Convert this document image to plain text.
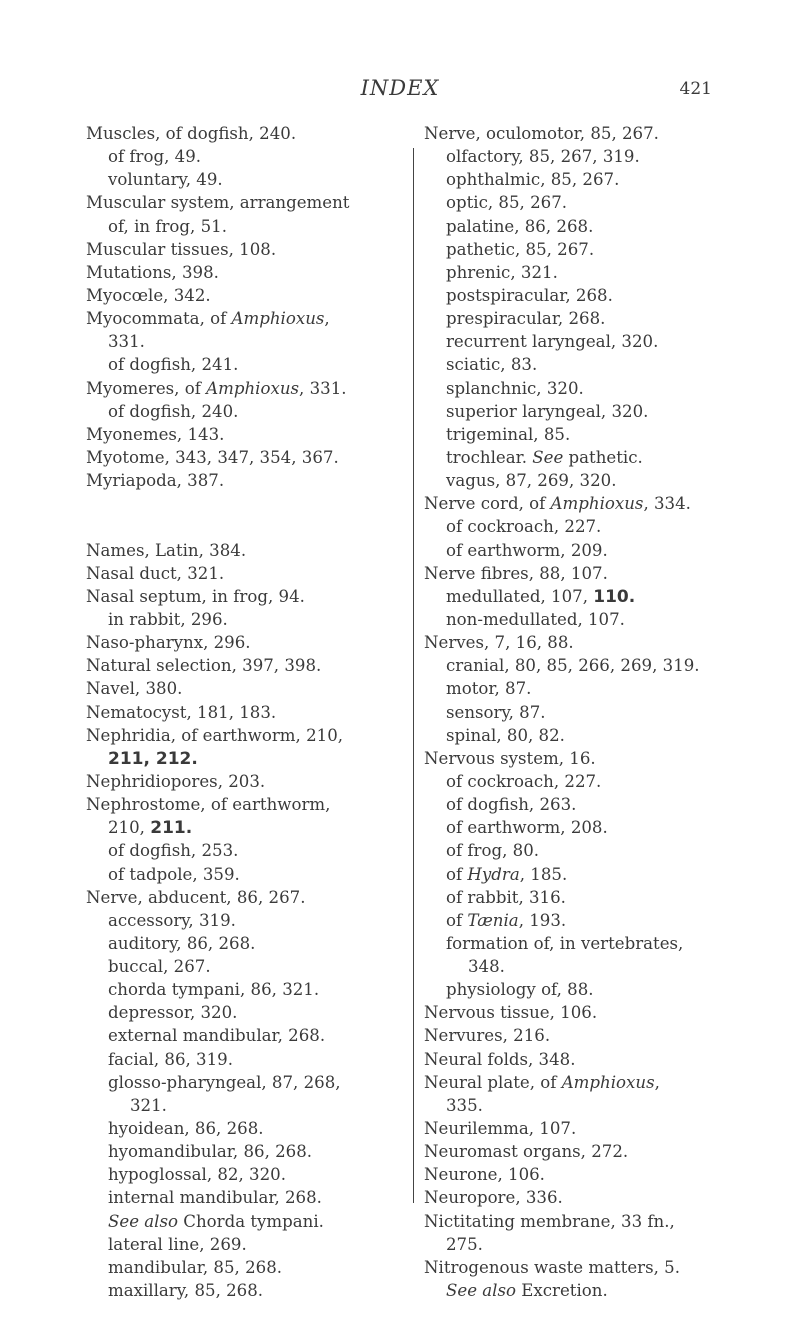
INDEX	421
Muscles, of dogfish, 240.
of frog, 49.
voluntary, 49.
Muscular system, arrangement
of, in frog, 51.
Muscular tissues, 108.
Mutations, 398.
Myocœle, 342.
Myocommata, of Amphioxus,
331.
of dogfish, 241.
Myomeres, of Amphioxus, 331.
of dogfish, 240.
Myonemes, 143.
Myotome, 343, 347, 354, 367.
Myriapoda, 387.
Names, Latin, 384.
Nasal duct, 321.
Nasal septum, in frog, 94.
in rabbit, 296.
Naso-pharynx, 296.
Natural selection, 397, 398.
Navel, 380.
Nematocyst, 181, 183.
Nephridia, of earthworm, 210,
211, 212.
Nephridiopores, 203.
Nephrostome, of earthworm,
210, 211.
of dogfish, 253.
of tadpole, 359.
Nerve, abducent, 86, 267.
accessory, 319.
auditory, 86, 268.
buccal, 267.
chorda tympani, 86, 321.
depressor, 320.
external mandibular, 268.
facial, 86, 319.
glosso-pharyngeal, 87, 268,
321.
hyoidean, 86, 268.
hyomandibular, 86, 268.
hypoglossal, 82, 320.
internal mandibular, 268.
See also Chorda tympani.
lateral line, 269.
mandibular, 85, 268.
maxillary, 85, 268.
Nerve, oculomotor, 85, 267.
olfactory, 85, 267, 319.
ophthalmic, 85, 267.
optic, 85, 267.
palatine, 86, 268.
pathetic, 85, 267.
phrenic, 321.
postspiracular, 268.
prespiracular, 268.
recurrent laryngeal, 320.
sciatic, 83.
splanchnic, 320.
superior laryngeal, 320.
trigeminal, 85.
trochlear. See pathetic.
vagus, 87, 269, 320.
Nerve cord, of Amphioxus, 334.
of cockroach, 227.
of earthworm, 209.
Nerve fibres, 88, 107.
medullated, 107, 110.
non-medullated, 107.
Nerves, 7, 16, 88.
cranial, 80, 85, 266, 269, 319.
motor, 87.
sensory, 87.
spinal, 80, 82.
Nervous system, 16.
of cockroach, 227.
of dogfish, 263.
of earthworm, 208.
of frog, 80.
of Hydra, 185.
of rabbit, 316.
of Tænia, 193.
formation of, in vertebrates,
348.
physiology of, 88.
Nervous tissue, 106.
Nervures, 216.
Neural folds, 348.
Neural plate, of Amphioxus,
335.
Neurilemma, 107.
Neuromast organs, 272.
Neurone, 106.
Neuropore, 336.
Nictitating membrane, 33 fn.,
275.
Nitrogenous waste matters, 5.
See also Excretion.
